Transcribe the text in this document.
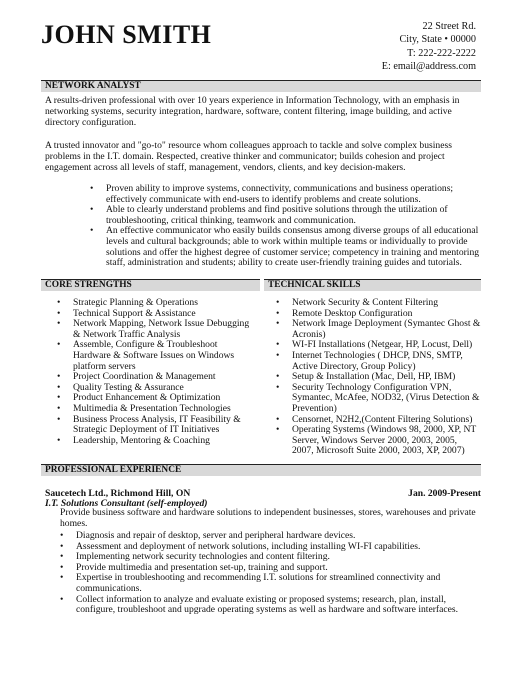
JOHN SMITH	22 Street Rd.
City, State • 00000
T: 222-222-2222
E: email@address.com
NETWORK ANALYST

A results-driven professional with over 10 years experience in Information Technology, with an emphasis in networking systems, security integration, hardware, software, content filtering, image building, and active directory configuration.

A trusted innovator and "go-to" resource whom colleagues approach to tackle and solve complex business problems in the I.T. domain. Respected, creative thinker and communicator; builds cohesion and project engagement across all levels of staff, management, vendors, clients, and key decision-makers.

• Proven ability to improve systems, connectivity, communications and business operations; effectively communicate with end-users to identify problems and create solutions.
• Able to clearly understand problems and find positive solutions through the utilization of troubleshooting, critical thinking, teamwork and communication.
• An effective communicator who easily builds consensus among diverse groups of all educational levels and cultural backgrounds; able to work within multiple teams or individually to provide solutions and offer the highest degree of customer service; competency in training and mentoring staff, administration and students; ability to create user-friendly training guides and tutorials.
CORE STRENGTHS	TECHNICAL SKILLS
• Strategic Planning & Operations
• Technical Support & Assistance
• Network Mapping, Network Issue Debugging & Network Traffic Analysis
• Assemble, Configure & Troubleshoot Hardware & Software Issues on Windows platform servers
• Project Coordination & Management
• Quality Testing & Assurance
• Product Enhancement & Optimization
• Multimedia & Presentation Technologies
• Business Process Analysis, IT Feasibility & Strategic Deployment of IT Initiatives
• Leadership, Mentoring & Coaching
• Network Security & Content Filtering
• Remote Desktop Configuration
• Network Image Deployment (Symantec Ghost & Acronis)
• WI-FI Installations (Netgear, HP, Locust, Dell)
• Internet Technologies ( DHCP, DNS, SMTP, Active Directory, Group Policy)
• Setup & Installation (Mac, Dell, HP, IBM)
• Security Technology Configuration VPN, Symantec, McAfee, NOD32, (Virus Detection & Prevention)
• Censornet, N2H2,(Content Filtering Solutions)
• Operating Systems (Windows 98, 2000, XP, NT Server, Windows Server 2000, 2003, 2005, 2007, Microsoft Suite 2000, 2003, XP, 2007)
PROFESSIONAL EXPERIENCE
Saucetech Ltd., Richmond Hill, ON	Jan. 2009-Present
I.T. Solutions Consultant (self-employed)

Provide business software and hardware solutions to independent businesses, stores, warehouses and private homes.

• Diagnosis and repair of desktop, server and peripheral hardware devices.
• Assessment and deployment of network solutions, including installing WI-FI capabilities.
• Implementing network security technologies and content filtering.
• Provide multimedia and presentation set-up, training and support.
• Expertise in troubleshooting and recommending I.T. solutions for streamlined connectivity and communications.
• Collect information to analyze and evaluate existing or proposed systems; research, plan, install, configure, troubleshoot and upgrade operating systems as well as hardware and software interfaces.
